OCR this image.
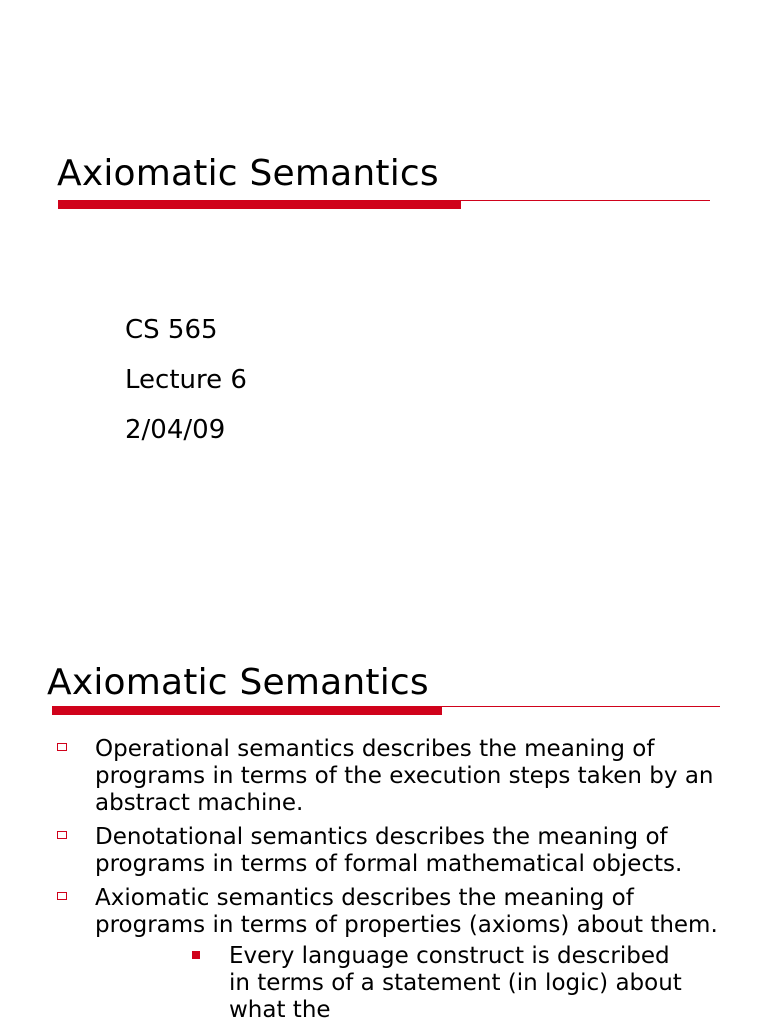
Axiomatic Semantics
CS 565
Lecture 6
2/04/09
Axiomatic Semantics
Operational semantics describes the meaning of programs in terms of the execution steps taken by an abstract machine.
Denotational semantics describes the meaning of programs in terms of formal mathematical objects.
Axiomatic semantics describes the meaning of programs in terms of properties (axioms) about them.
Every language construct is described in terms of a statement (in logic) about what the
